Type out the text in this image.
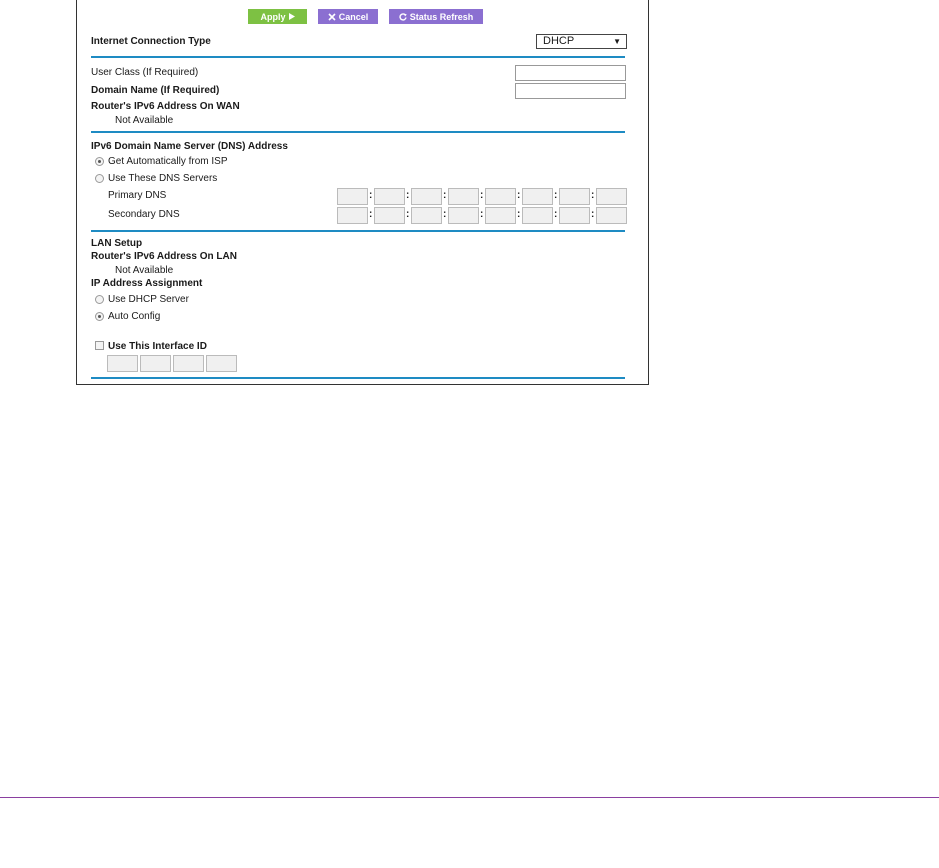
Apply	Cancel	Status Refresh
Internet Connection Type	DHCP	▼
User Class (If Required)
Domain Name (If Required)
Router's IPv6 Address On WAN
Not Available
IPv6 Domain Name Server (DNS) Address
Get Automatically from ISP
Use These DNS Servers
Primary DNS	:	:	:	:	:	:	:
Secondary DNS	:	:	:	:	:	:	:
LAN Setup
Router's IPv6 Address On LAN
Not Available
IP Address Assignment
Use DHCP Server
Auto Config
Use This Interface ID
